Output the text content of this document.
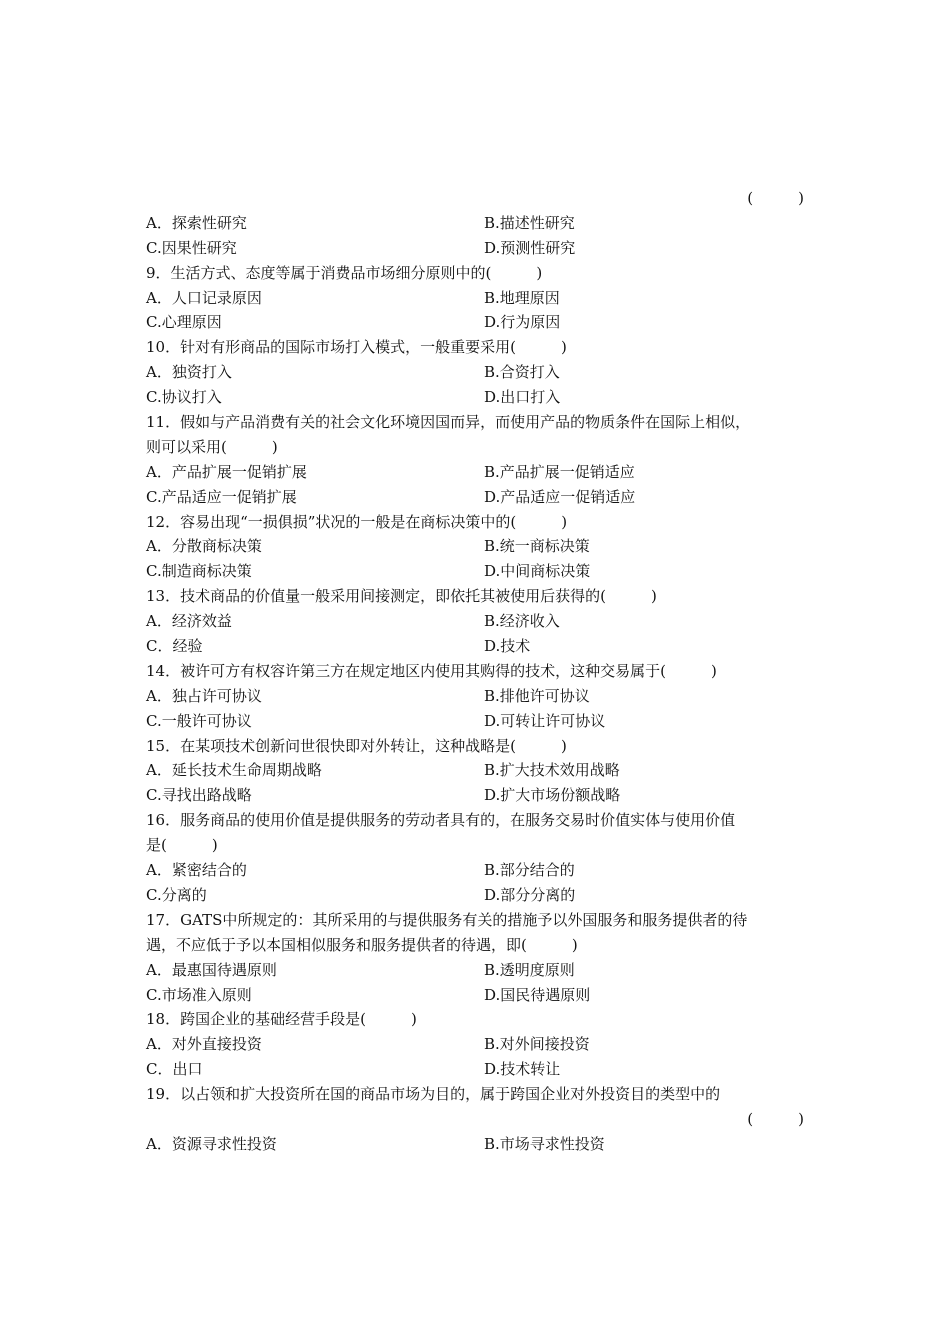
(　　　)
A．探索性研究	B.描述性研究
C.因果性研究	D.预测性研究
9．生活方式、态度等属于消费品市场细分原则中的(　　　)
A．人口记录原因	B.地理原因
C.心理原因	D.行为原因
10．针对有形商品的国际市场打入模式，一般重要采用(　　　)
A．独资打入	B.合资打入
C.协议打入	D.出口打入
11．假如与产品消费有关的社会文化环境因国而异，而使用产品的物质条件在国际上相似，
则可以采用(　　　)
A．产品扩展一促销扩展	B.产品扩展一促销适应
C.产品适应一促销扩展	D.产品适应一促销适应
12．容易出现“一损俱损”状况的一般是在商标决策中的(　　　)
A．分散商标决策	B.统一商标决策
C.制造商标决策	D.中间商标决策
13．技术商品的价值量一般采用间接测定，即依托其被使用后获得的(　　　)
A．经济效益	B.经济收入
C．经验	D.技术
14．被许可方有权容许第三方在规定地区内使用其购得的技术，这种交易属于(　　　)
A．独占许可协议	B.排他许可协议
C.一般许可协议	D.可转让许可协议
15．在某项技术创新问世很快即对外转让，这种战略是(　　　)
A．延长技术生命周期战略	B.扩大技术效用战略
C.寻找出路战略	D.扩大市场份额战略
16．服务商品的使用价值是提供服务的劳动者具有的，在服务交易时价值实体与使用价值
是(　　　)
A．紧密结合的	B.部分结合的
C.分离的	D.部分分离的
17．GATS中所规定的：其所采用的与提供服务有关的措施予以外国服务和服务提供者的待
遇，不应低于予以本国相似服务和服务提供者的待遇，即(　　　)
A．最惠国待遇原则	B.透明度原则
C.市场准入原则	D.国民待遇原则
18．跨国企业的基础经营手段是(　　　)
A．对外直接投资	B.对外间接投资
C．出口	D.技术转让
19．以占领和扩大投资所在国的商品市场为目的，属于跨国企业对外投资目的类型中的
(　　　)
A．资源寻求性投资	B.市场寻求性投资
